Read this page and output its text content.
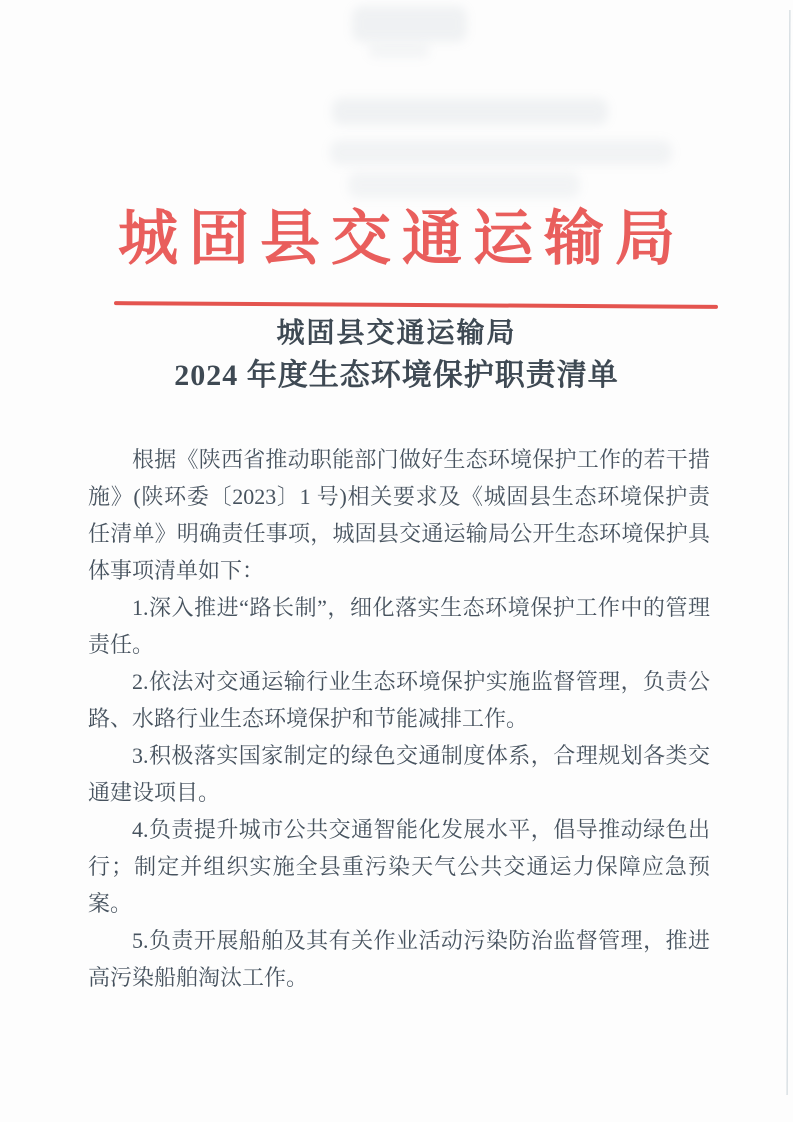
城固县交通运输局
城固县交通运输局
2024 年度生态环境保护职责清单

根据《陕西省推动职能部门做好生态环境保护工作的若干措施》(陕环委〔2023〕1 号)相关要求及《城固县生态环境保护责任清单》明确责任事项，城固县交通运输局公开生态环境保护具体事项清单如下：

1.深入推进“路长制”，细化落实生态环境保护工作中的管理责任。

2.依法对交通运输行业生态环境保护实施监督管理，负责公路、水路行业生态环境保护和节能减排工作。

3.积极落实国家制定的绿色交通制度体系，合理规划各类交通建设项目。

4.负责提升城市公共交通智能化发展水平，倡导推动绿色出行；制定并组织实施全县重污染天气公共交通运力保障应急预案。

5.负责开展船舶及其有关作业活动污染防治监督管理，推进高污染船舶淘汰工作。
